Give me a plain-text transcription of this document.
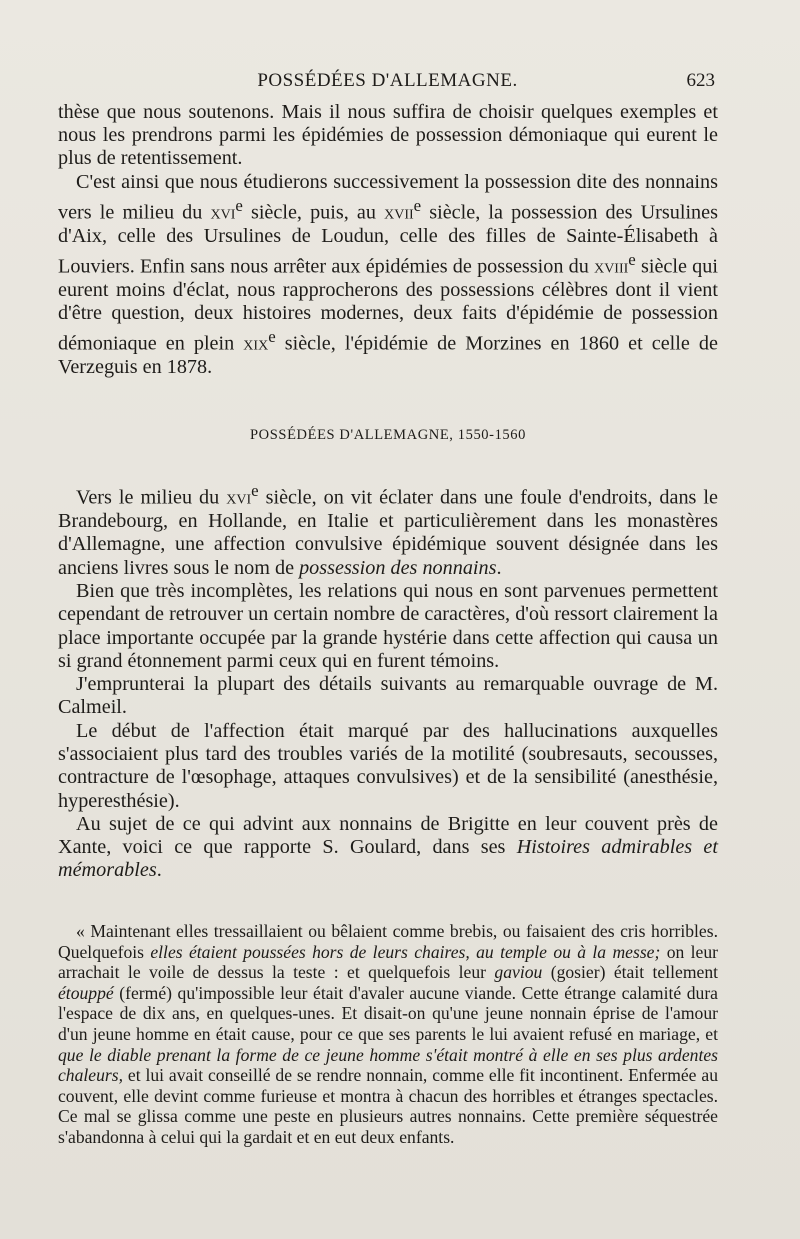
POSSÉDÉES D'ALLEMAGNE.	623

thèse que nous soutenons. Mais il nous suffira de choisir quelques exemples et nous les prendrons parmi les épidémies de possession démoniaque qui eurent le plus de retentissement.

C'est ainsi que nous étudierons successivement la possession dite des nonnains vers le milieu du xvi$^e$ siècle, puis, au xvii$^e$ siècle, la possession des Ursulines d'Aix, celle des Ursulines de Loudun, celle des filles de Sainte-Élisabeth à Louviers. Enfin sans nous arrêter aux épidémies de possession du xviii$^e$ siècle qui eurent moins d'éclat, nous rapprocherons des possessions célèbres dont il vient d'être question, deux histoires modernes, deux faits d'épidémie de possession démoniaque en plein xix$^e$ siècle, l'épidémie de Morzines en 1860 et celle de Verzeguis en 1878.

POSSÉDÉES D'ALLEMAGNE, 1550-1560

Vers le milieu du xvi$^e$ siècle, on vit éclater dans une foule d'endroits, dans le Brandebourg, en Hollande, en Italie et particulièrement dans les monastères d'Allemagne, une affection convulsive épidémique souvent désignée dans les anciens livres sous le nom de possession des nonnains.

Bien que très incomplètes, les relations qui nous en sont parvenues permettent cependant de retrouver un certain nombre de caractères, d'où ressort clairement la place importante occupée par la grande hystérie dans cette affection qui causa un si grand étonnement parmi ceux qui en furent témoins.

J'emprunterai la plupart des détails suivants au remarquable ouvrage de M. Calmeil.

Le début de l'affection était marqué par des hallucinations auxquelles s'associaient plus tard des troubles variés de la motilité (soubresauts, secousses, contracture de l'œsophage, attaques convulsives) et de la sensibilité (anesthésie, hyperesthésie).

Au sujet de ce qui advint aux nonnains de Brigitte en leur couvent près de Xante, voici ce que rapporte S. Goulard, dans ses Histoires admirables et mémorables.

« Maintenant elles tressaillaient ou bêlaient comme brebis, ou faisaient des cris horribles. Quelquefois elles étaient poussées hors de leurs chaires, au temple ou à la messe; on leur arrachait le voile de dessus la teste : et quelquefois leur gaviou (gosier) était tellement étouppé (fermé) qu'impossible leur était d'avaler aucune viande. Cette étrange calamité dura l'espace de dix ans, en quelques-unes. Et disait-on qu'une jeune nonnain éprise de l'amour d'un jeune homme en était cause, pour ce que ses parents le lui avaient refusé en mariage, et que le diable prenant la forme de ce jeune homme s'était montré à elle en ses plus ardentes chaleurs, et lui avait conseillé de se rendre nonnain, comme elle fit incontinent. Enfermée au couvent, elle devint comme furieuse et montra à chacun des horribles et étranges spectacles. Ce mal se glissa comme une peste en plusieurs autres nonnains. Cette première séquestrée s'abandonna à celui qui la gardait et en eut deux enfants.
